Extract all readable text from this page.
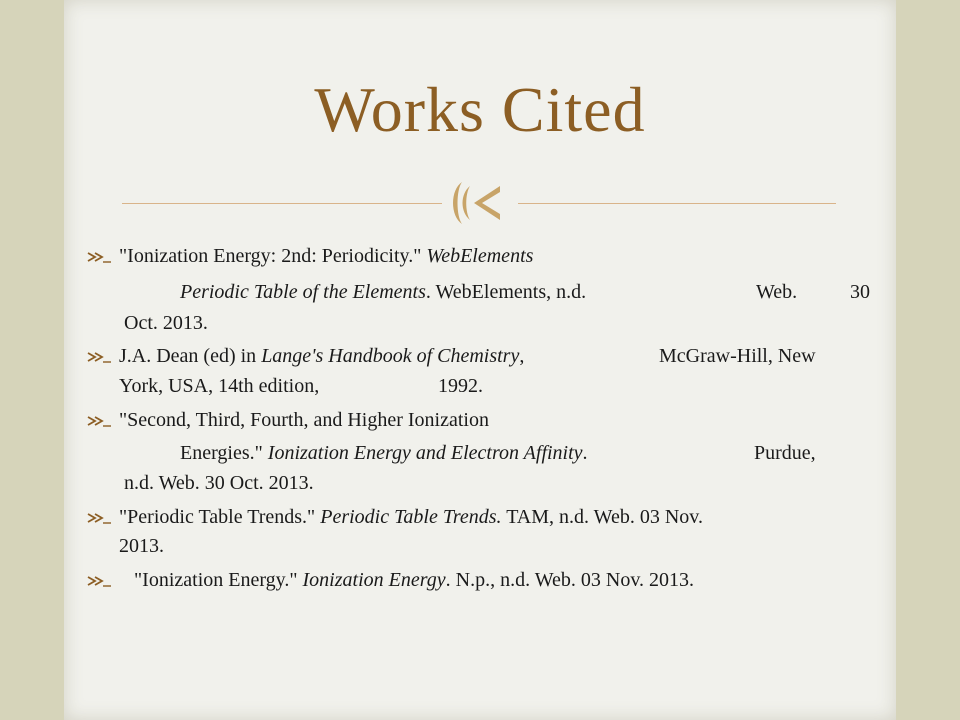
Works Cited
"Ionization Energy: 2nd: Periodicity." WebElements
Periodic Table of the Elements. WebElements, n.d.	Web.	30
Oct. 2013.
J.A. Dean (ed) in Lange's Handbook of Chemistry,	McGraw-Hill, New
York, USA, 14th edition,	1992.
"Second, Third, Fourth, and Higher Ionization
Energies." Ionization Energy and Electron Affinity.	Purdue,
n.d. Web. 30 Oct. 2013.
"Periodic Table Trends." Periodic Table Trends. TAM, n.d. Web. 03 Nov.
2013.
"Ionization Energy." Ionization Energy. N.p., n.d. Web. 03 Nov. 2013.
